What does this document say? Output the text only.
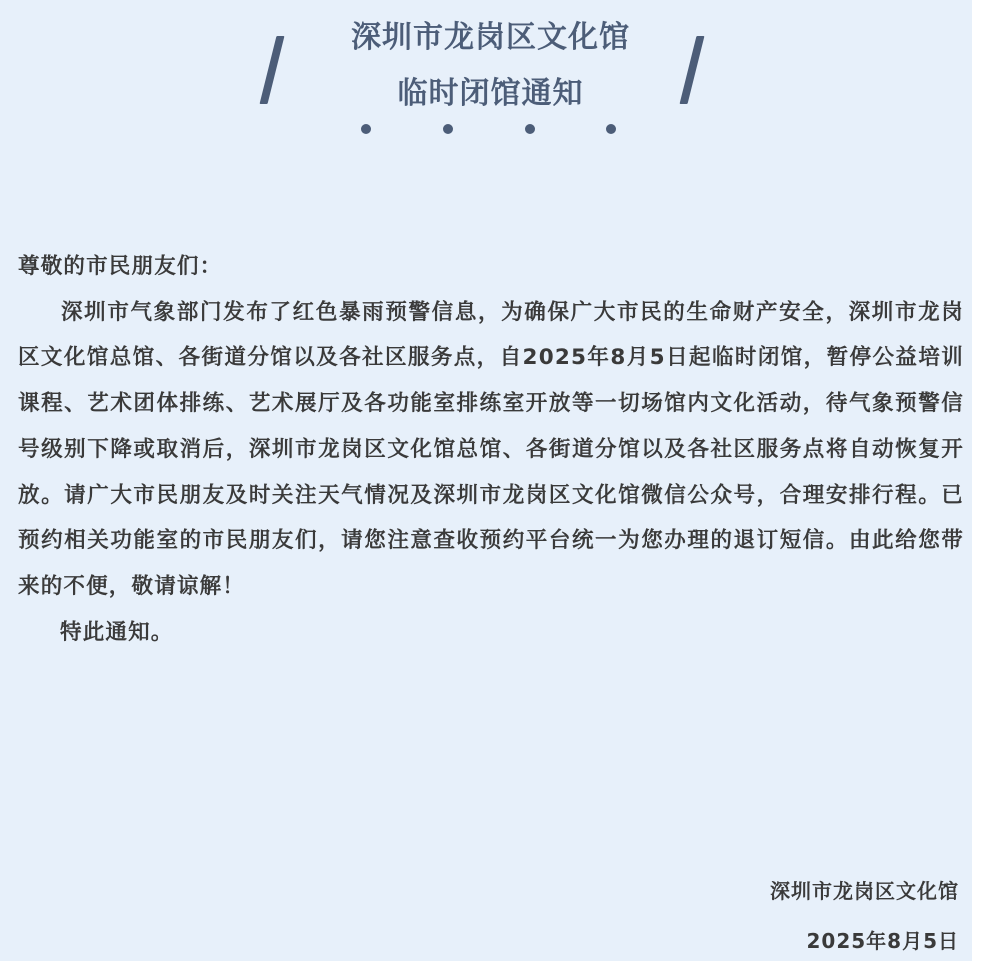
深圳市龙岗区文化馆
临时闭馆通知

尊敬的市民朋友们：

深圳市气象部门发布了红色暴雨预警信息，为确保广大市民的生命财产安全，深圳市龙岗区文化馆总馆、各街道分馆以及各社区服务点，自2025年8月5日起临时闭馆，暂停公益培训课程、艺术团体排练、艺术展厅及各功能室排练室开放等一切场馆内文化活动，待气象预警信号级别下降或取消后，深圳市龙岗区文化馆总馆、各街道分馆以及各社区服务点将自动恢复开放。请广大市民朋友及时关注天气情况及深圳市龙岗区文化馆微信公众号，合理安排行程。已预约相关功能室的市民朋友们，请您注意查收预约平台统一为您办理的退订短信。由此给您带来的不便，敬请谅解！

特此通知。

深圳市龙岗区文化馆
2025年8月5日
